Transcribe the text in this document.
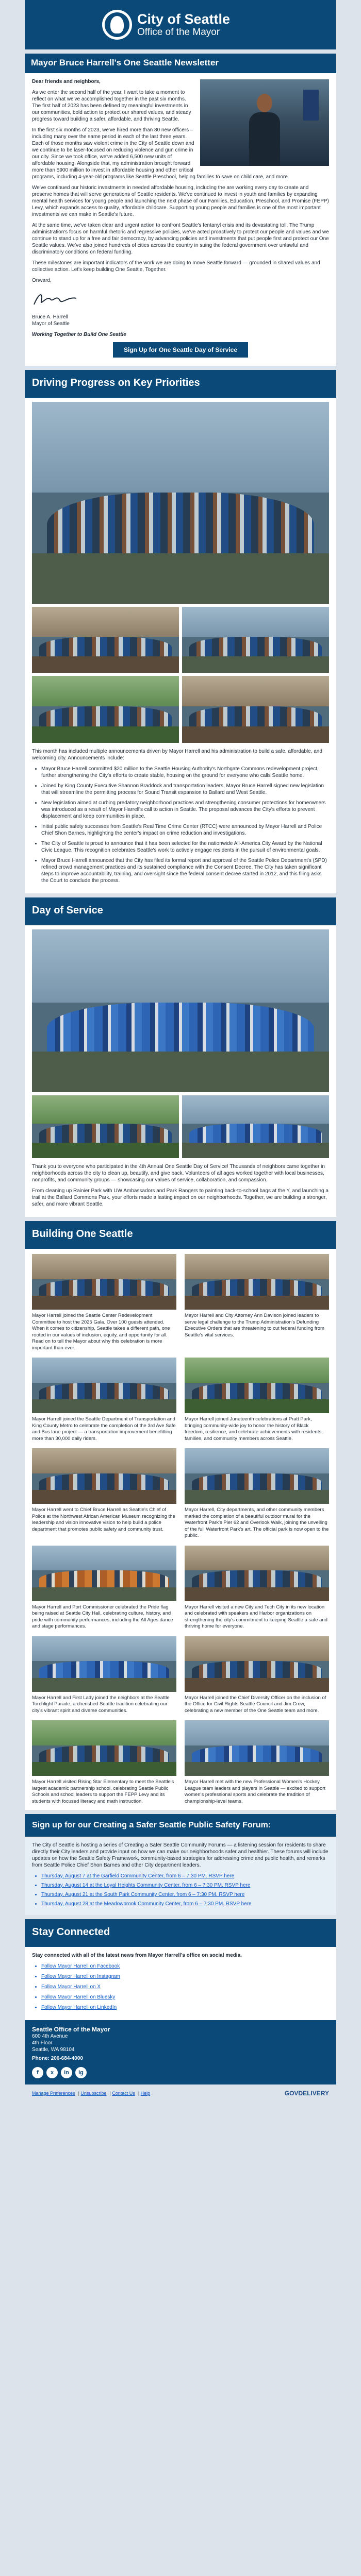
City of Seattle
Office of the Mayor
Mayor Bruce Harrell's One Seattle Newsletter

Dear friends and neighbors,

As we enter the second half of the year, I want to take a moment to reflect on what we've accomplished together in the past six months. The first half of 2023 has been defined by meaningful investments in our communities, bold action to protect our shared values, and steady progress toward building a safer, affordable, and thriving Seattle.

In the first six months of 2023, we've hired more than 80 new officers – including many over the same period in each of the last three years. Each of those months saw violent crime in the City of Seattle down and we continue to be laser-focused on reducing violence and gun crime in our city. Since we took office, we've added 6,500 new units of affordable housing. Alongside that, my administration brought forward more than $900 million to invest in affordable housing and other critical programs, including 4-year-old programs like Seattle Preschool, helping families to save on child care, and more.

We've continued our historic investments in needed affordable housing, including the are working every day to create and preserve homes that will serve generations of Seattle residents. We've continued to invest in youth and families by expanding mental health services for young people and launching the next phase of our Families, Education, Preschool, and Promise (FEPP) Levy, which expands access to quality, affordable childcare. Supporting young people and families is one of the most important investments we can make in Seattle's future.

At the same time, we've taken clear and urgent action to confront Seattle's fentanyl crisis and its devastating toll. The Trump administration's focus on harmful rhetoric and regressive policies, we've acted proactively to protect our people and values and we continue to stand up for a free and fair democracy, by advancing policies and investments that put people first and protect our One Seattle values. We've also joined hundreds of cities across the country in suing the federal government over unlawful and discriminatory conditions on federal funding.

These milestones are important indicators of the work we are doing to move Seattle forward — grounded in shared values and collective action. Let's keep building One Seattle, Together.

Onward,

Bruce A. Harrell

Mayor of Seattle

Working Together to Build One Seattle

Sign Up for One Seattle Day of Service
Driving Progress on Key Priorities

This month has included multiple announcements driven by Mayor Harrell and his administration to build a safe, affordable, and welcoming city. Announcements include:

• Mayor Bruce Harrell committed $20 million to the Seattle Housing Authority's Northgate Commons redevelopment project, further strengthening the City's efforts to create stable, housing on the ground for everyone who calls Seattle home.
• Joined by King County Executive Shannon Braddock and transportation leaders, Mayor Bruce Harrell signed new legislation that will streamline the permitting process for Sound Transit expansion to Ballard and West Seattle.
• New legislation aimed at curbing predatory neighborhood practices and strengthening consumer protections for homeowners was introduced as a result of Mayor Harrell's call to action in Seattle. The proposal advances the City's efforts to prevent displacement and keep communities in place.
• Initial public safety successes from Seattle's Real Time Crime Center (RTCC) were announced by Mayor Harrell and Police Chief Shon Barnes, highlighting the center's impact on crime reduction and investigations.
• The City of Seattle is proud to announce that it has been selected for the nationwide All-America City Award by the National Civic League. This recognition celebrates Seattle's work to actively engage residents in the pursuit of environmental goals.
• Mayor Bruce Harrell announced that the City has filed its formal report and approval of the Seattle Police Department's (SPD) refined crowd management practices and its sustained compliance with the Consent Decree. The City has taken significant steps to improve accountability, training, and oversight since the federal consent decree started in 2012, and this filing asks the Court to conclude the process.
Day of Service

Thank you to everyone who participated in the 4th Annual One Seattle Day of Service! Thousands of neighbors came together in neighborhoods across the city to clean up, beautify, and give back. Volunteers of all ages worked together with local businesses, nonprofits, and community groups — showcasing our values of service, collaboration, and compassion.

From cleaning up Rainier Park with UW Ambassadors and Park Rangers to painting back-to-school bags at the Y, and launching a trail at the Ballard Commons Park, your efforts made a lasting impact on our neighborhoods. Together, we are building a stronger, safer, and more vibrant Seattle.

Building One Seattle

Mayor Harrell joined the Seattle Center Redevelopment Committee to host the 2025 Gala. Over 100 guests attended. When it comes to citizenship, Seattle takes a different path, one rooted in our values of inclusion, equity, and opportunity for all. Read on to tell the Mayor about why this celebration is more important than ever.

Mayor Harrell and City Attorney Ann Davison joined leaders to serve legal challenge to the Trump Administration's Defunding Executive Orders that are threatening to cut federal funding from Seattle's vital services.

Mayor Harrell joined the Seattle Department of Transportation and King County Metro to celebrate the completion of the 3rd Ave Safe and Bus lane project — a transportation improvement benefitting more than 30,000 daily riders.

Mayor Harrell joined Juneteenth celebrations at Pratt Park, bringing community-wide joy to honor the history of Black freedom, resilience, and celebrate achievements with residents, families, and community members across Seattle.

Mayor Harrell went to Chief Bruce Harrell as Seattle's Chief of Police at the Northwest African American Museum recognizing the leadership and vision innovative vision to help build a police department that promotes public safety and community trust.

Mayor Harrell, City departments, and other community members marked the completion of a beautiful outdoor mural for the Waterfront Park's Pier 62 and Overlook Walk, joining the unveiling of the full Waterfront Park's art. The official park is now open to the public.

Mayor Harrell and Port Commissioner celebrated the Pride flag being raised at Seattle City Hall, celebrating culture, history, and pride with community performances, including the All Ages dance and stage performances.

Mayor Harrell visited a new City and Tech City in its new location and celebrated with speakers and Harbor organizations on strengthening the city's commitment to keeping Seattle a safe and thriving home for everyone.

Mayor Harrell and First Lady joined the neighbors at the Seattle Torchlight Parade, a cherished Seattle tradition celebrating our city's vibrant spirit and diverse communities.

Mayor Harrell joined the Chief Diversity Officer on the inclusion of the Office for Civil Rights Seattle Council and Jim Crow, celebrating a new member of the One Seattle team and more.

Mayor Harrell visited Rising Star Elementary to meet the Seattle's largest academic partnership school, celebrating Seattle Public Schools and school leaders to support the FEPP Levy and its students with focused literacy and math instruction.

Mayor Harrell met with the new Professional Women's Hockey League team leaders and players in Seattle — excited to support women's professional sports and celebrate the tradition of championship-level teams.

Sign up for our Creating a Safer Seattle Public Safety Forum:

The City of Seattle is hosting a series of Creating a Safer Seattle Community Forums — a listening session for residents to share directly their City leaders and provide input on how we can make our neighborhoods safer and healthier. These forums will include updates on how the Seattle Safety Framework, community-based strategies for addressing crime and public health, and remarks from Seattle Police Chief Shon Barnes and other City department leaders.

• Thursday, August 7 at the Garfield Community Center, from 6 – 7:30 PM. RSVP here
• Thursday, August 14 at the Loyal Heights Community Center, from 6 – 7:30 PM. RSVP here
• Thursday, August 21 at the South Park Community Center, from 6 – 7:30 PM. RSVP here
• Thursday, August 28 at the Meadowbrook Community Center, from 6 – 7:30 PM. RSVP here
Stay Connected

Stay connected with all of the latest news from Mayor Harrell's office on social media.

• Follow Mayor Harrell on Facebook
• Follow Mayor Harrell on Instagram
• Follow Mayor Harrell on X
• Follow Mayor Harrell on Bluesky
• Follow Mayor Harrell on LinkedIn
Seattle Office of the Mayor
600 4th Avenue
4th Floor
Seattle, WA 98104
Phone: 206-684-4000
f	x	in	ig
Manage Preferences | Unsubscribe | Contact Us | Help	GOVDELIVERY
